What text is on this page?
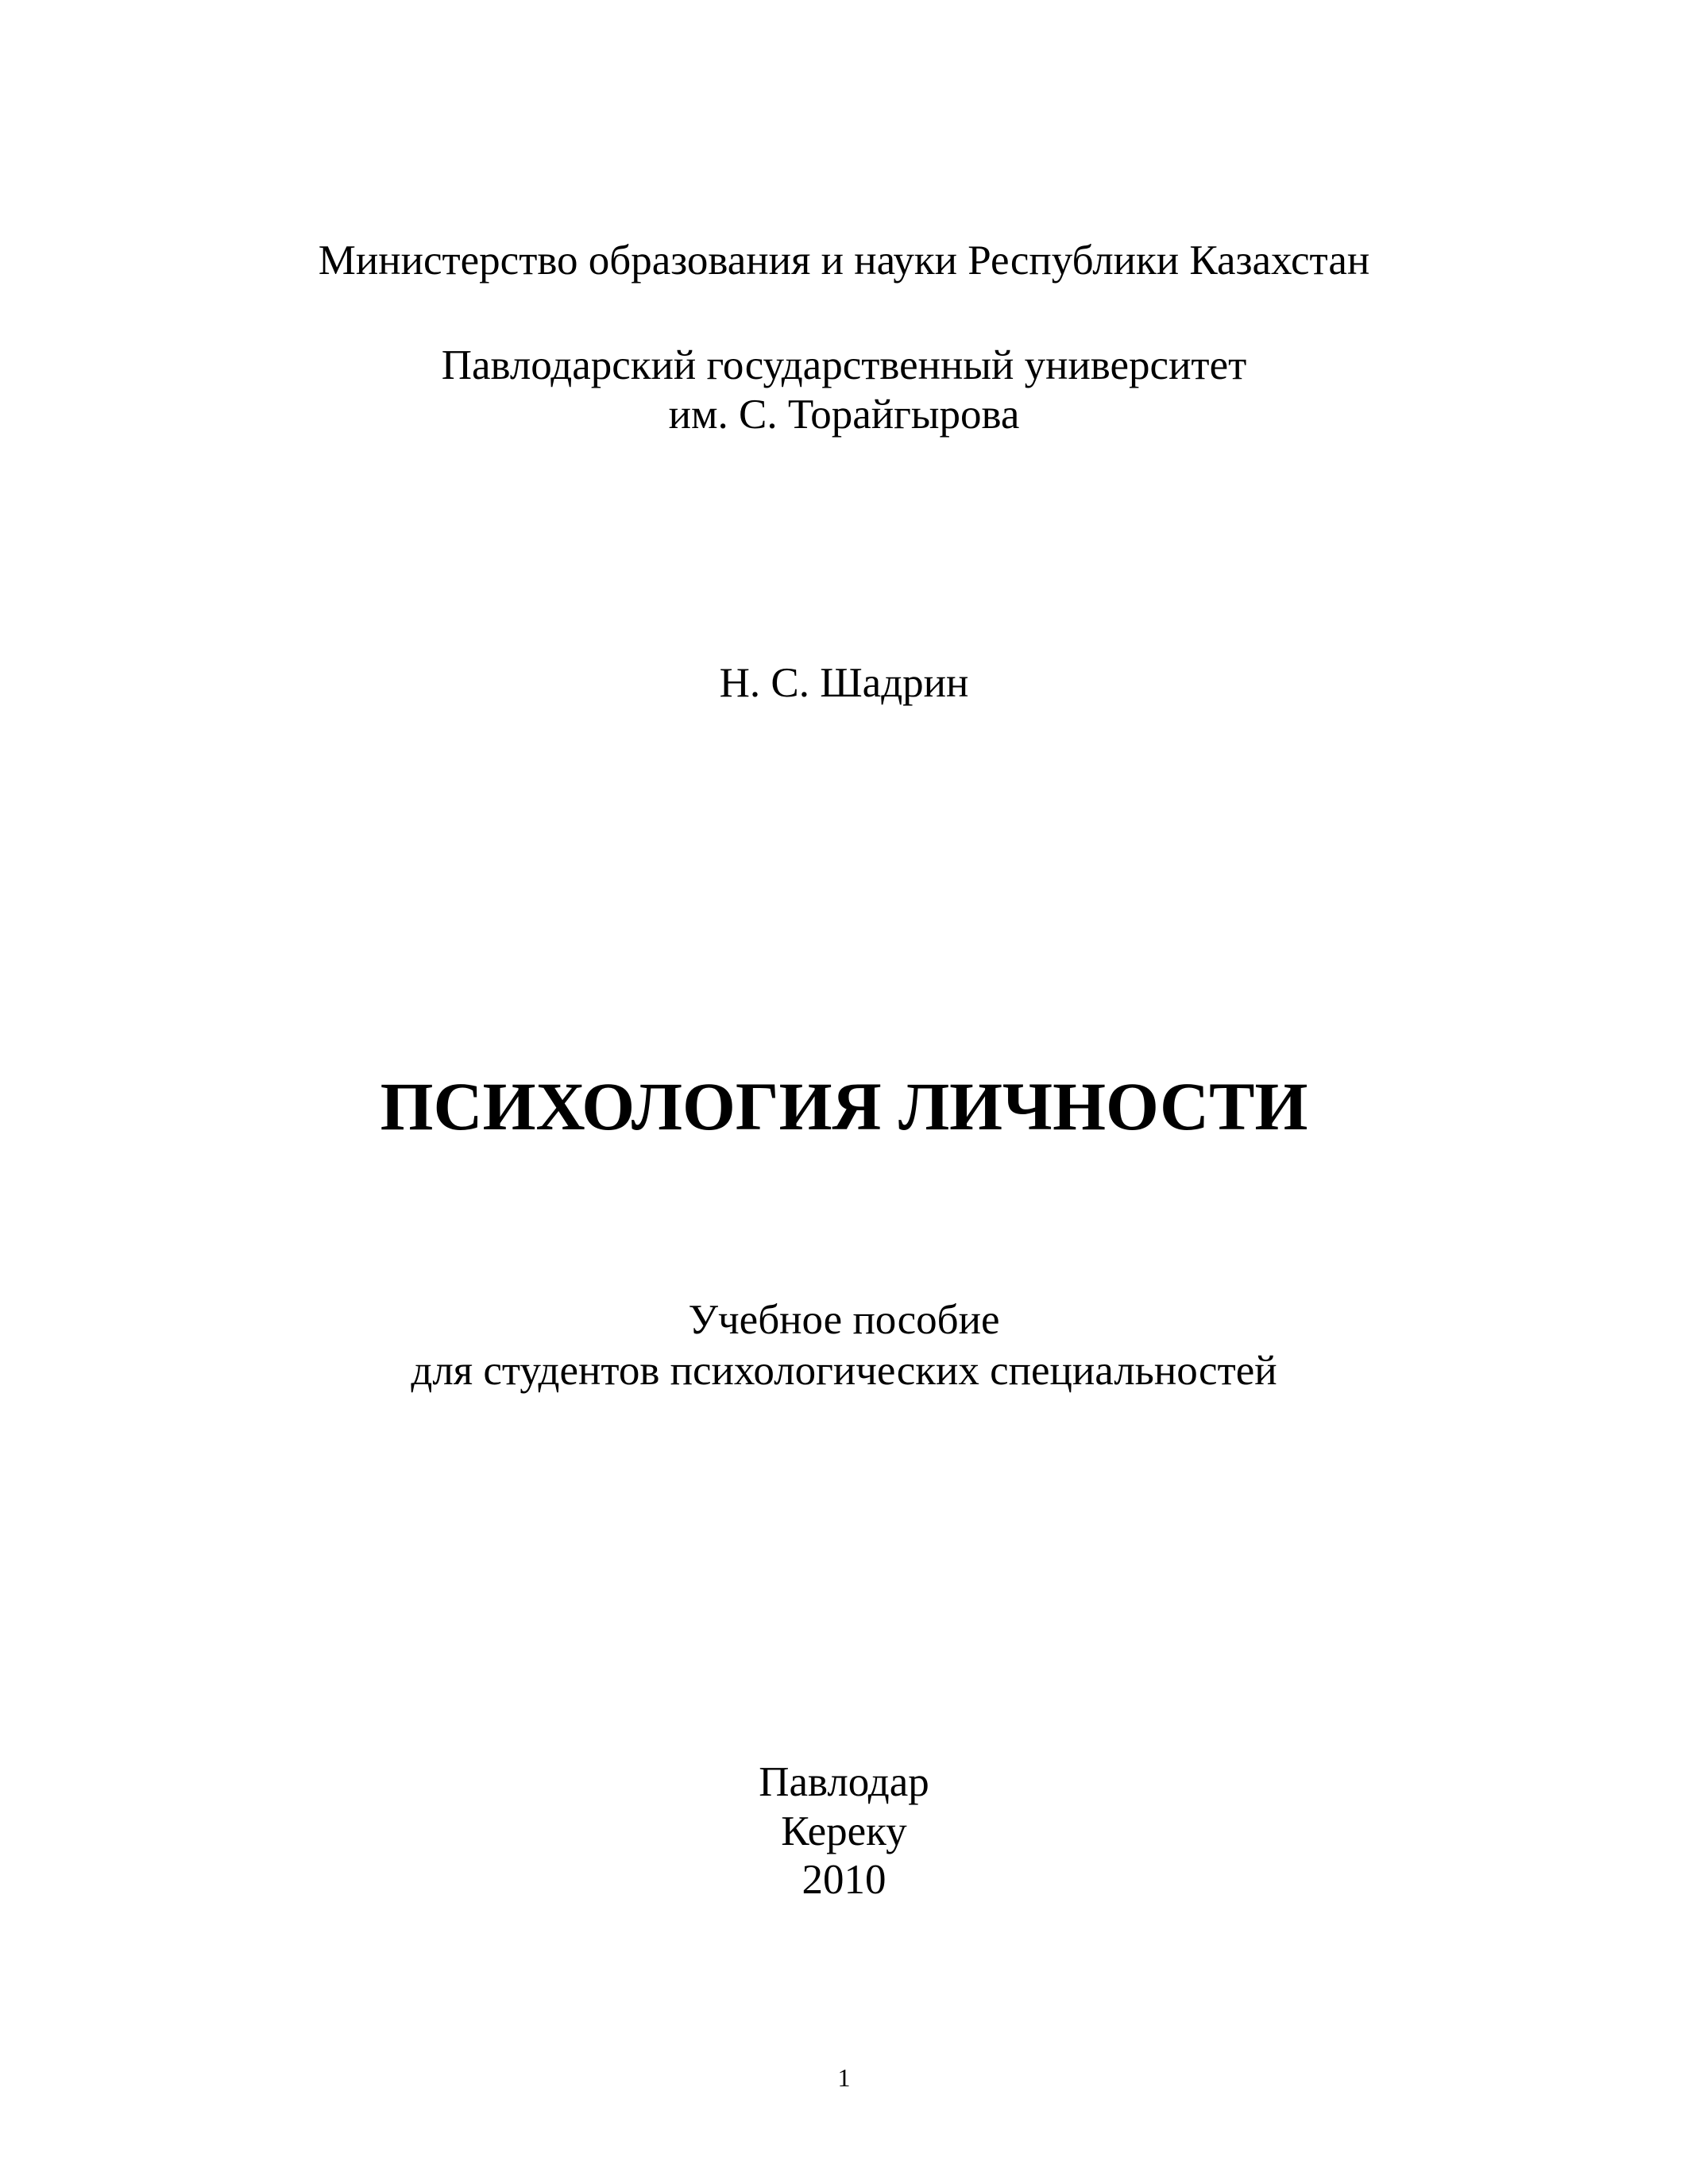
Министерство образования и науки Республики Казахстан
Павлодарский государственный университет
им. С. Торайгырова
Н. С. Шадрин
ПСИХОЛОГИЯ ЛИЧНОСТИ
Учебное пособие
для студентов психологических специальностей
Павлодар
Кереку
2010
1
